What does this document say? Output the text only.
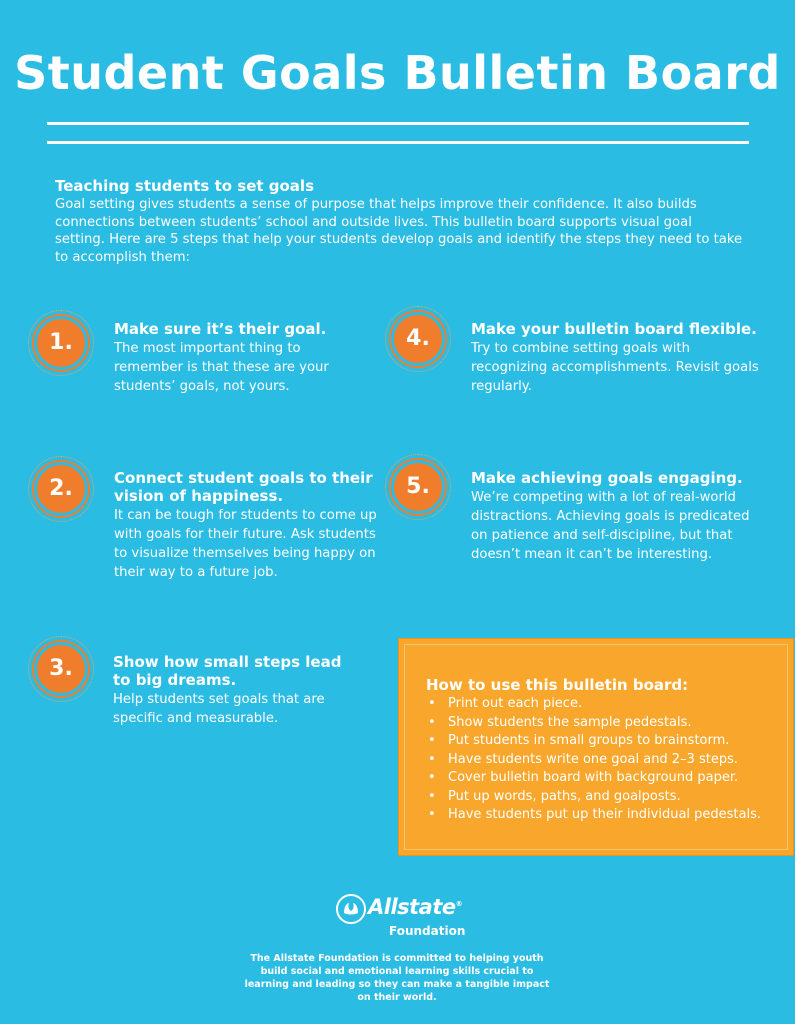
Student Goals Bulletin Board

Teaching students to set goals

Goal setting gives students a sense of purpose that helps improve their confidence. It also builds connections between students’ school and outside lives. This bulletin board supports visual goal setting. Here are 5 steps that help your students develop goals and identify the steps they need to take to accomplish them:

1.

Make sure it’s their goal.

The most important thing to remember is that these are your students’ goals, not yours.

2.	Connect student goals to their vision of happiness.

It can be tough for students to come up with goals for their future. Ask students to visualize themselves being happy on their way to a future job.

3.	Show how small steps lead to big dreams.

Help students set goals that are specific and measurable.

4.	Make your bulletin board flexible.

Try to combine setting goals with recognizing accomplishments. Revisit goals regularly.

5.	Make achieving goals engaging.

We’re competing with a lot of real-world distractions. Achieving goals is predicated on patience and self-discipline, but that doesn’t mean it can’t be interesting.

How to use this bulletin board:

• Print out each piece.
• Show students the sample pedestals.
• Put students in small groups to brainstorm.
• Have students write one goal and 2–3 steps.
• Cover bulletin board with background paper.
• Put up words, paths, and goalposts.
• Have students put up their individual pedestals.
Allstate®
Foundation

The Allstate Foundation is committed to helping youth build social and emotional learning skills crucial to learning and leading so they can make a tangible impact on their world.
